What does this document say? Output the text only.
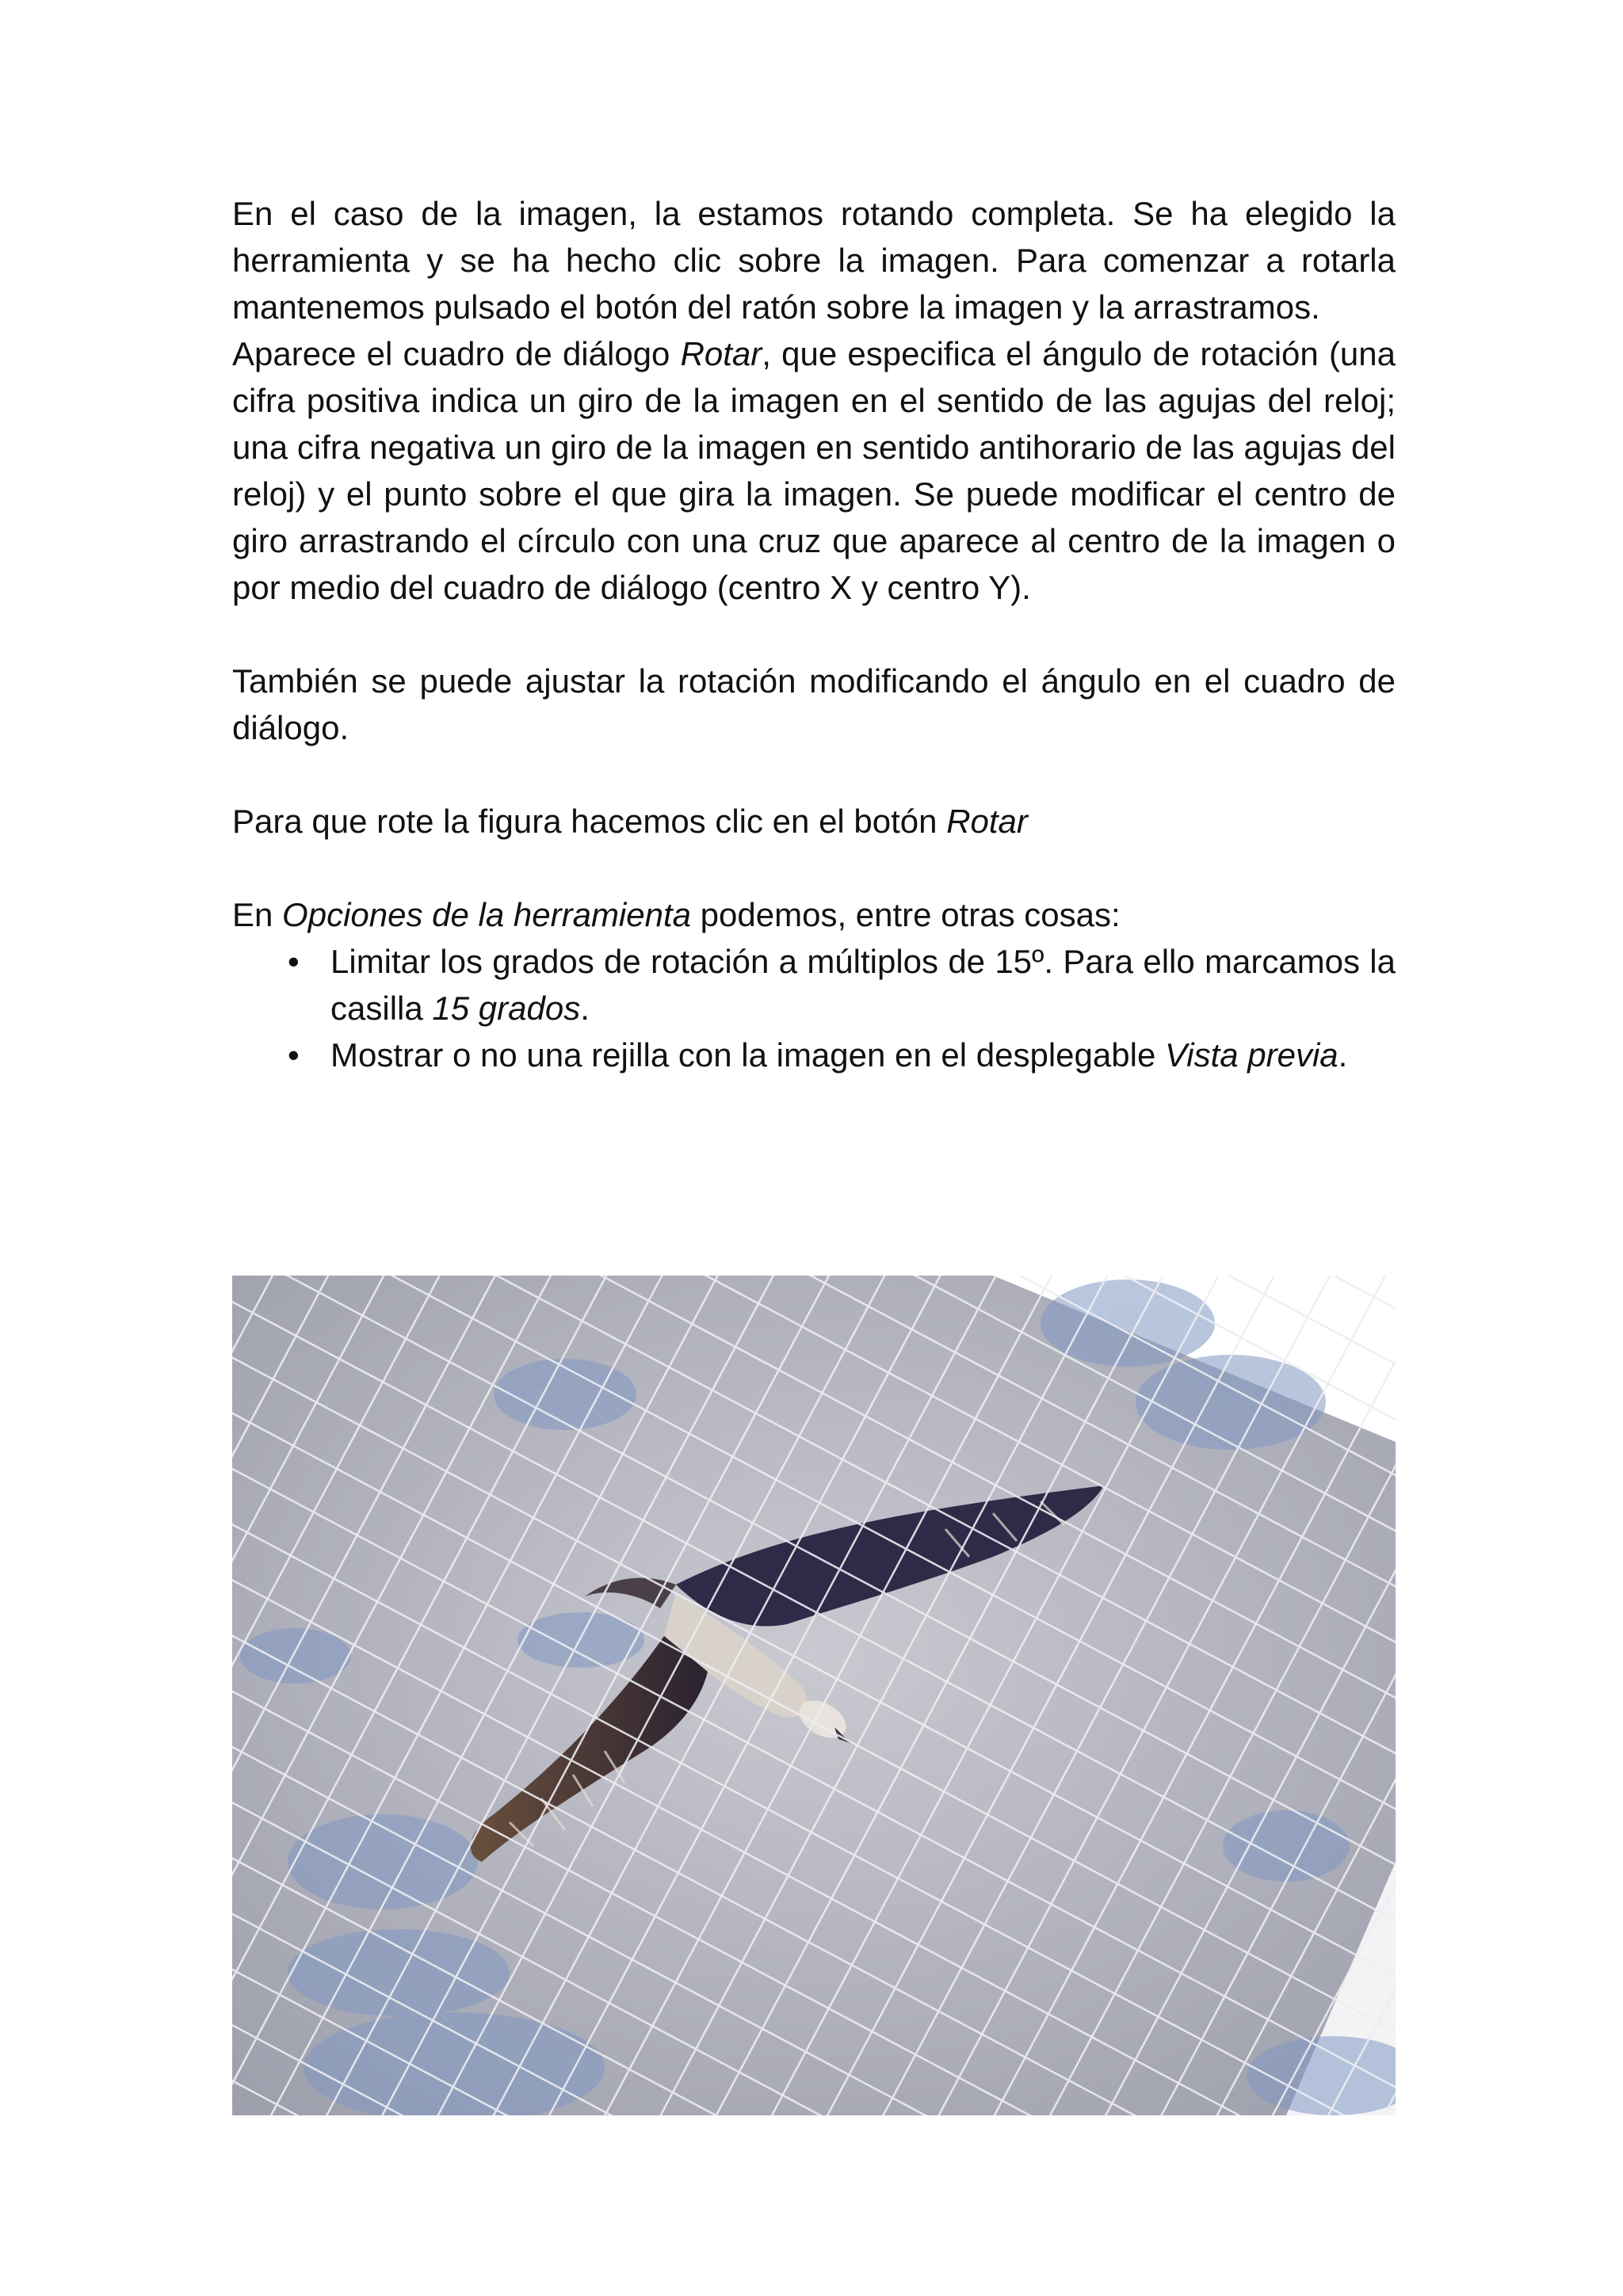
En el caso de la imagen, la estamos rotando completa. Se ha elegido la herramienta y se ha hecho clic sobre la imagen. Para comenzar a rotarla mantenemos pulsado el botón del ratón sobre la imagen y la arrastramos.
Aparece el cuadro de diálogo Rotar, que especifica el ángulo de rotación (una cifra positiva indica un giro de la imagen en el sentido de las agujas del reloj; una cifra negativa un giro de la imagen en sentido antihorario de las agujas del reloj) y el punto sobre el que gira la imagen. Se puede modificar el centro de giro arrastrando el círculo con una cruz que aparece al centro de la imagen o por medio del cuadro de diálogo (centro X y centro Y).

También se puede ajustar la rotación modificando el ángulo en el cuadro de diálogo.

Para que rote la figura hacemos clic en el botón Rotar

En Opciones de la herramienta podemos, entre otras cosas:

• Limitar los grados de rotación a múltiplos de 15º. Para ello marcamos la casilla 15 grados.
• Mostrar o no una rejilla con la imagen en el desplegable Vista previa.
